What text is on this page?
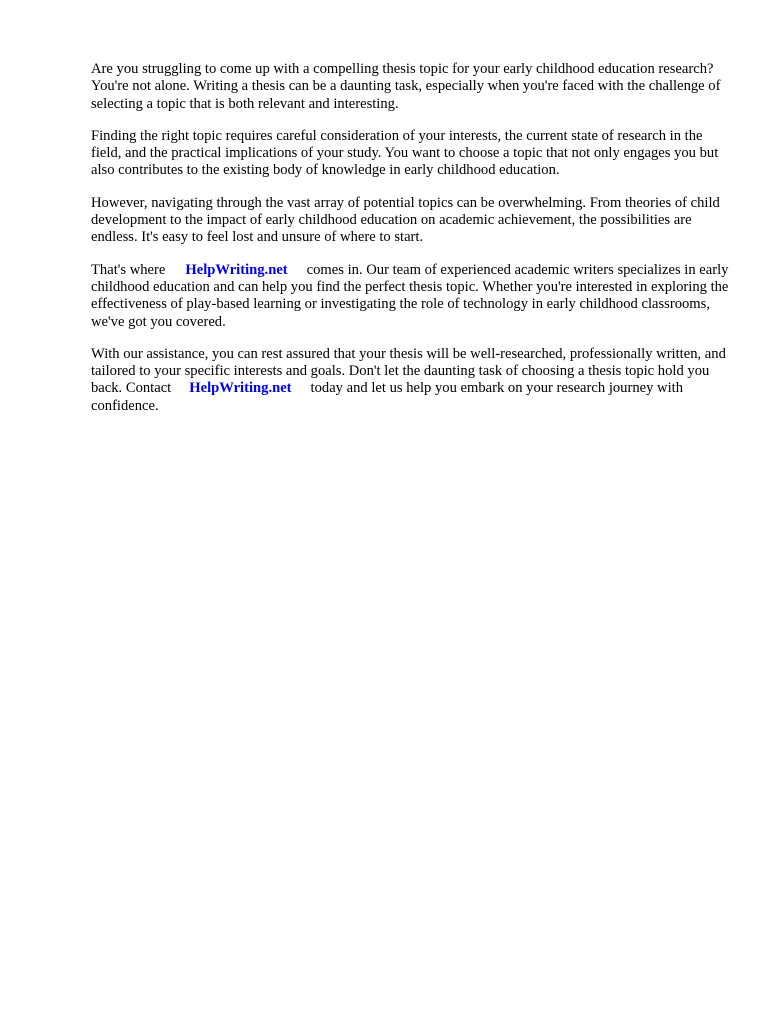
Are you struggling to come up with a compelling thesis topic for your early childhood education research? You're not alone. Writing a thesis can be a daunting task, especially when you're faced with the challenge of selecting a topic that is both relevant and interesting.

Finding the right topic requires careful consideration of your interests, the current state of research in the field, and the practical implications of your study. You want to choose a topic that not only engages you but also contributes to the existing body of knowledge in early childhood education.

However, navigating through the vast array of potential topics can be overwhelming. From theories of child development to the impact of early childhood education on academic achievement, the possibilities are endless. It's easy to feel lost and unsure of where to start.

That's where HelpWriting.net comes in. Our team of experienced academic writers specializes in early childhood education and can help you find the perfect thesis topic. Whether you're interested in exploring the effectiveness of play-based learning or investigating the role of technology in early childhood classrooms, we've got you covered.

With our assistance, you can rest assured that your thesis will be well-researched, professionally written, and tailored to your specific interests and goals. Don't let the daunting task of choosing a thesis topic hold you back. Contact HelpWriting.net today and let us help you embark on your research journey with confidence.
